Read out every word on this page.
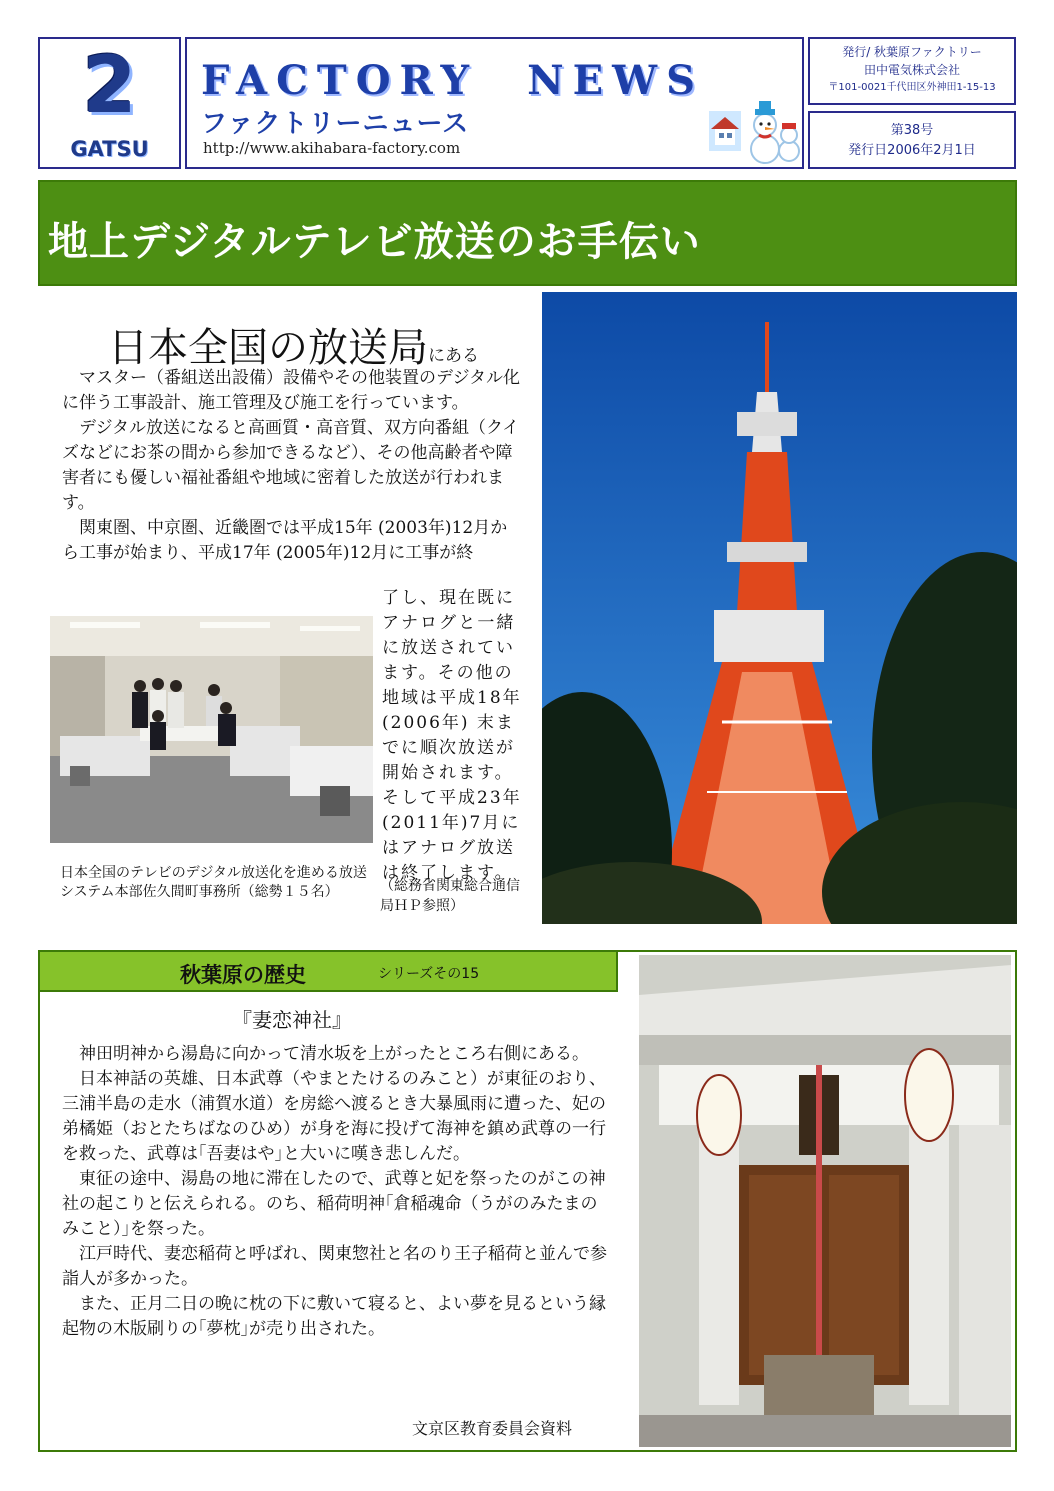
2
GATSU
FACTORY　NEWS
ファクトリーニュース
http://www.akihabara-factory.com
発行/ 秋葉原ファクトリー
田中電気株式会社
〒101-0021千代田区外神田1-15-13
第38号
発行日2006年2月1日
地上デジタルテレビ放送のお手伝い
日本全国の放送局にある
　マスター（番組送出設備）設備やその他装置のデジタル化に伴う工事設計、施工管理及び施工を行っています。
　デジタル放送になると高画質・高音質、双方向番組（クイズなどにお茶の間から参加できるなど）、その他高齢者や障害者にも優しい福祉番組や地域に密着した放送が行われます。
　関東圏、中京圏、近畿圏では平成15年 (2003年)12月から工事が始まり、平成17年 (2005年)12月に工事が終
了し、現在既にアナログと一緒に放送されています。その他の地域は平成18年(2006年) 末までに順次放送が開始されます。
そして平成23年(2011年)7月にはアナログ放送は終了します。
（総務省関東総合通信局ＨＰ参照）
日本全国のテレビのデジタル放送化を進める放送システム本部佐久間町事務所（総勢１５名）
秋葉原の歴史	シリーズその15
『妻恋神社』
　神田明神から湯島に向かって清水坂を上がったところ右側にある。
　日本神話の英雄、日本武尊（やまとたけるのみこと）が東征のおり、三浦半島の走水（浦賀水道）を房総へ渡るとき大暴風雨に遭った、妃の弟橘姫（おとたちばなのひめ）が身を海に投げて海神を鎮め武尊の一行を救った、武尊は｢吾妻はや｣と大いに嘆き悲しんだ。
　東征の途中、湯島の地に滞在したので、武尊と妃を祭ったのがこの神社の起こりと伝えられる。のち、稲荷明神｢倉稲魂命（うがのみたまのみこと）｣を祭った。
　江戸時代、妻恋稲荷と呼ばれ、関東惣社と名のり王子稲荷と並んで参詣人が多かった。
　また、正月二日の晩に枕の下に敷いて寝ると、よい夢を見るという縁起物の木版刷りの｢夢枕｣が売り出された。
文京区教育委員会資料
